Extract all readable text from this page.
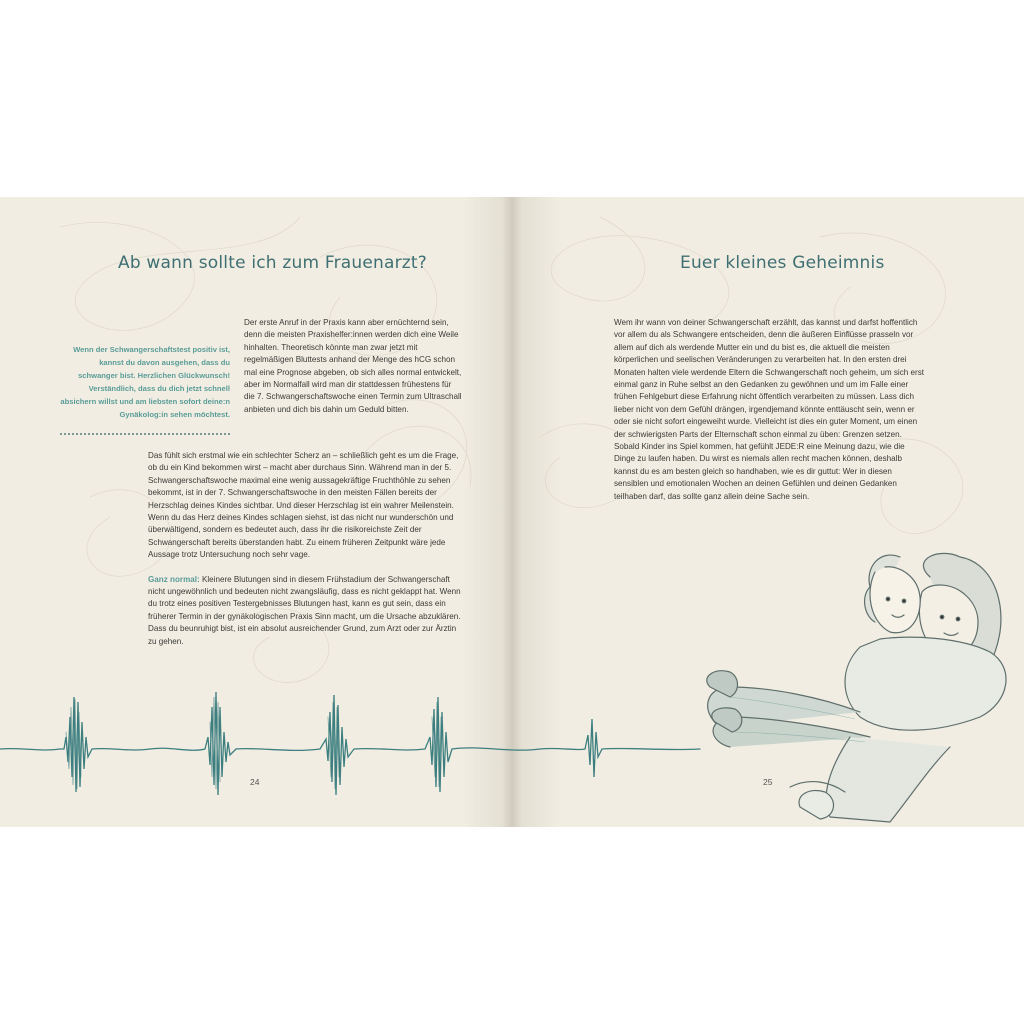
Ab wann sollte ich zum Frauenarzt?

Wenn der Schwangerschaftstest positiv ist, kannst du davon ausgehen, dass du schwanger bist. Herzlichen Glückwunsch! Verständlich, dass du dich jetzt schnell absichern willst und am liebsten sofort deine:n Gynäkolog:in sehen möchtest.

Der erste Anruf in der Praxis kann aber ernüchternd sein, denn die meisten Praxishelfer:innen werden dich eine Weile hinhalten. Theoretisch könnte man zwar jetzt mit regelmäßigen Bluttests anhand der Menge des hCG schon mal eine Prognose abgeben, ob sich alles normal entwickelt, aber im Normalfall wird man dir stattdessen frühestens für die 7. Schwangerschaftswoche einen Termin zum Ultraschall anbieten und dich bis dahin um Geduld bitten.

Das fühlt sich erstmal wie ein schlechter Scherz an – schließlich geht es um die Frage, ob du ein Kind bekommen wirst – macht aber durchaus Sinn. Während man in der 5. Schwangerschaftswoche maximal eine wenig aussagekräftige Fruchthöhle zu sehen bekommt, ist in der 7. Schwangerschaftswoche in den meisten Fällen bereits der Herzschlag deines Kindes sichtbar. Und dieser Herzschlag ist ein wahrer Meilenstein. Wenn du das Herz deines Kindes schlagen siehst, ist das nicht nur wunderschön und überwältigend, sondern es bedeutet auch, dass ihr die risikoreichste Zeit der Schwangerschaft bereits überstanden habt. Zu einem früheren Zeitpunkt wäre jede Aussage trotz Untersuchung noch sehr vage.

Ganz normal: Kleinere Blutungen sind in diesem Frühstadium der Schwangerschaft nicht ungewöhnlich und bedeuten nicht zwangsläufig, dass es nicht geklappt hat. Wenn du trotz eines positiven Testergebnisses Blutungen hast, kann es gut sein, dass ein früherer Termin in der gynäkologischen Praxis Sinn macht, um die Ursache abzuklären. Dass du beunruhigt bist, ist ein absolut ausreichender Grund, zum Arzt oder zur Ärztin zu gehen.

24
Euer kleines Geheimnis

Wem ihr wann von deiner Schwangerschaft erzählt, das kannst und darfst hoffentlich vor allem du als Schwangere entscheiden, denn die äußeren Einflüsse prasseln vor allem auf dich als werdende Mutter ein und du bist es, die aktuell die meisten körperlichen und seelischen Veränderungen zu verarbeiten hat. In den ersten drei Monaten halten viele werdende Eltern die Schwangerschaft noch geheim, um sich erst einmal ganz in Ruhe selbst an den Gedanken zu gewöhnen und um im Falle einer frühen Fehlgeburt diese Erfahrung nicht öffentlich verarbeiten zu müssen. Lass dich lieber nicht von dem Gefühl drängen, irgendjemand könnte enttäuscht sein, wenn er oder sie nicht sofort eingeweiht wurde. Vielleicht ist dies ein guter Moment, um einen der schwierigsten Parts der Elternschaft schon einmal zu üben: Grenzen setzen. Sobald Kinder ins Spiel kommen, hat gefühlt JEDE:R eine Meinung dazu, wie die Dinge zu laufen haben. Du wirst es niemals allen recht machen können, deshalb kannst du es am besten gleich so handhaben, wie es dir guttut: Wer in diesen sensiblen und emotionalen Wochen an deinen Gefühlen und deinen Gedanken teilhaben darf, das sollte ganz allein deine Sache sein.

25
